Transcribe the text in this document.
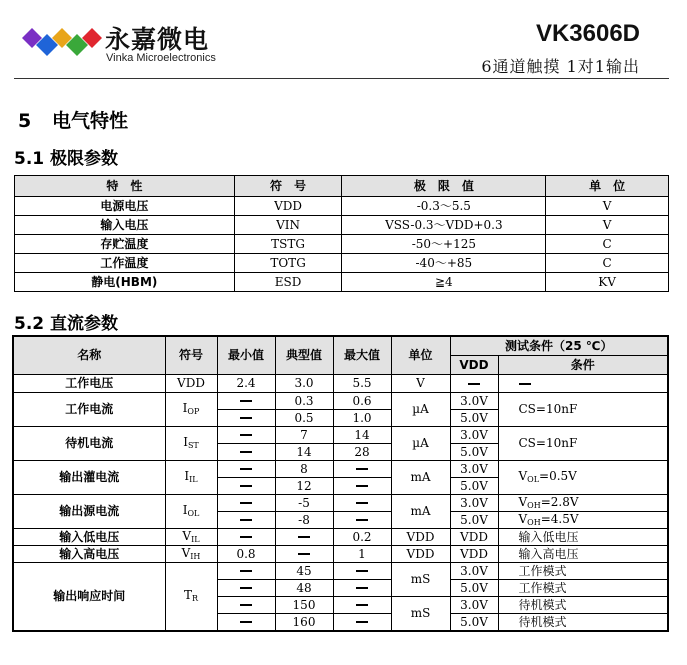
永嘉微电
Vinka Microelectronics
VK3606D
6通道触摸 1对1输出
5 电气特性
5.1 极限参数
特　性	符　号	极　限　值	单　位
电源电压	VDD	-0.3～5.5	V
输入电压	VIN	VSS-0.3～VDD+0.3	V
存贮温度	TSTG	-50～+125	C
工作温度	TOTG	-40～+85	C
静电(HBM)	ESD	≧4	KV
5.2 直流参数
名称	符号	最小值	典型值	最大值	单位	测试条件（25 ℃）	
						VDD	条件
工作电压	VDD	2.4	3.0	5.5	V		
工作电流	$I_{OP}$		0.3	0.6	µA	3.0V	CS=10nF
			0.5	1.0		5.0V	
待机电流	$I_{ST}$		7	14	µA	3.0V	CS=10nF
			14	28		5.0V	
输出灌电流	$I_{IL}$		8		mA	3.0V	$V_{OL}=0.5V$
			12			5.0V	
输出源电流	$I_{OL}$		-5		mA	3.0V	$V_{OH}=2.8V$
			-8			5.0V	$V_{OH}=4.5V$
输入低电压	$V_{IL}$			0.2	VDD	VDD	输入低电压
输入高电压	$V_{IH}$	0.8		1	VDD	VDD	输入高电压
输出响应时间	$T_R$		45		mS	3.0V	工作模式
			48			5.0V	工作模式
			150		mS	3.0V	待机模式
			160			5.0V	待机模式
